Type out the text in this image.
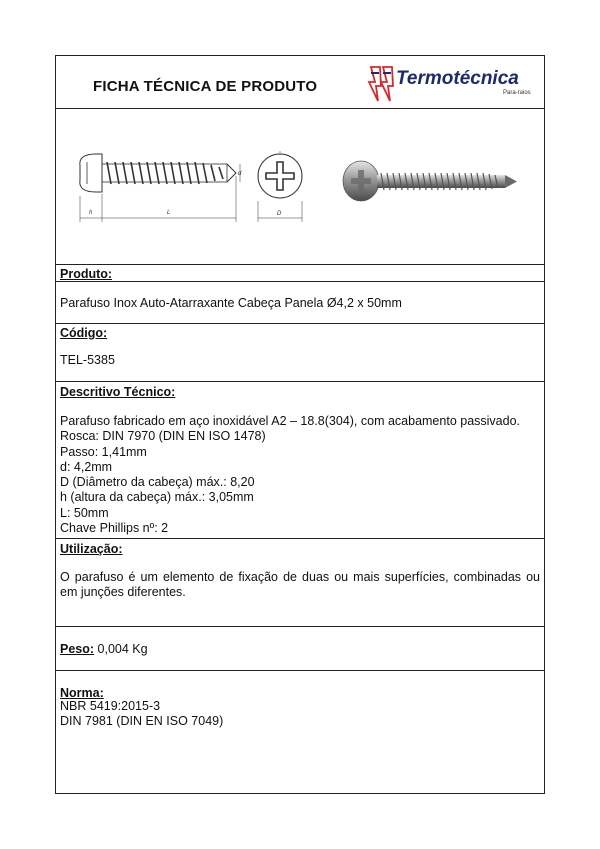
FICHA TÉCNICA DE PRODUTO	Termotécnica
Para-raios
h	L
d
D
Produto:
Parafuso Inox Auto-Atarraxante Cabeça Panela Ø4,2 x 50mm
Código:
TEL-5385
Descritivo Técnico:
Parafuso fabricado em aço inoxidável A2 – 18.8(304), com acabamento passivado.
Rosca: DIN 7970 (DIN EN ISO 1478)
Passo: 1,41mm
d: 4,2mm
D (Diâmetro da cabeça) máx.: 8,20
h (altura da cabeça) máx.: 3,05mm
L: 50mm
Chave Phillips nº: 2
Utilização:
O parafuso é um elemento de fixação de duas ou mais superfícies, combinadas ou em junções diferentes.
Peso: 0,004 Kg
Norma:
NBR 5419:2015-3
DIN 7981 (DIN EN ISO 7049)
